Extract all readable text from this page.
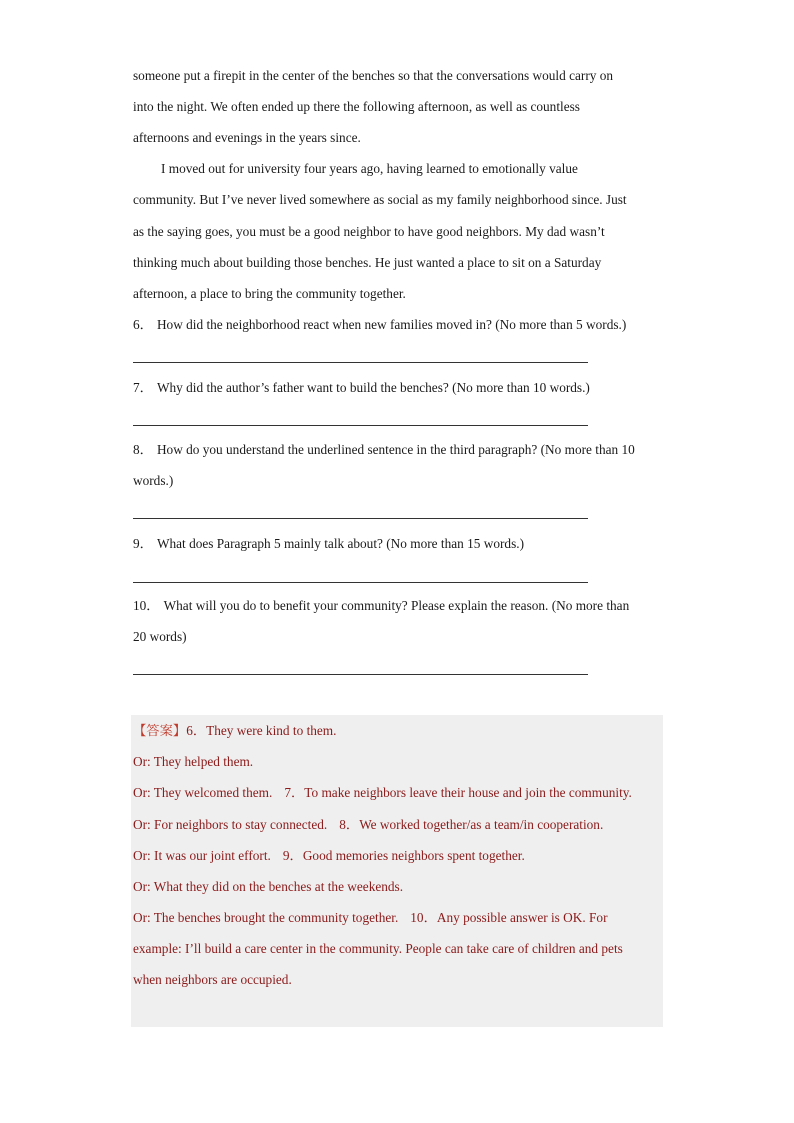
someone put a firepit in the center of the benches so that the conversations would carry on
into the night. We often ended up there the following afternoon, as well as countless
afternoons and evenings in the years since.
I moved out for university four years ago, having learned to emotionally value
community. But I’ve never lived somewhere as social as my family neighborhood since. Just
as the saying goes, you must be a good neighbor to have good neighbors. My dad wasn’t
thinking much about building those benches. He just wanted a place to sit on a Saturday
afternoon, a place to bring the community together.
6． How did the neighborhood react when new families moved in? (No more than 5 words.)
7． Why did the author’s father want to build the benches? (No more than 10 words.)
8． How do you understand the underlined sentence in the third paragraph? (No more than 10
words.)
9． What does Paragraph 5 mainly talk about? (No more than 15 words.)
10． What will you do to benefit your community? Please explain the reason. (No more than
20 words)
【答案】6．They were kind to them.
Or: They helped them.
Or: They welcomed them. 7．To make neighbors leave their house and join the community.
Or: For neighbors to stay connected. 8．We worked together/as a team/in cooperation.
Or: It was our joint effort. 9．Good memories neighbors spent together.
Or: What they did on the benches at the weekends.
Or: The benches brought the community together. 10．Any possible answer is OK. For
example: I’ll build a care center in the community. People can take care of children and pets
when neighbors are occupied.
